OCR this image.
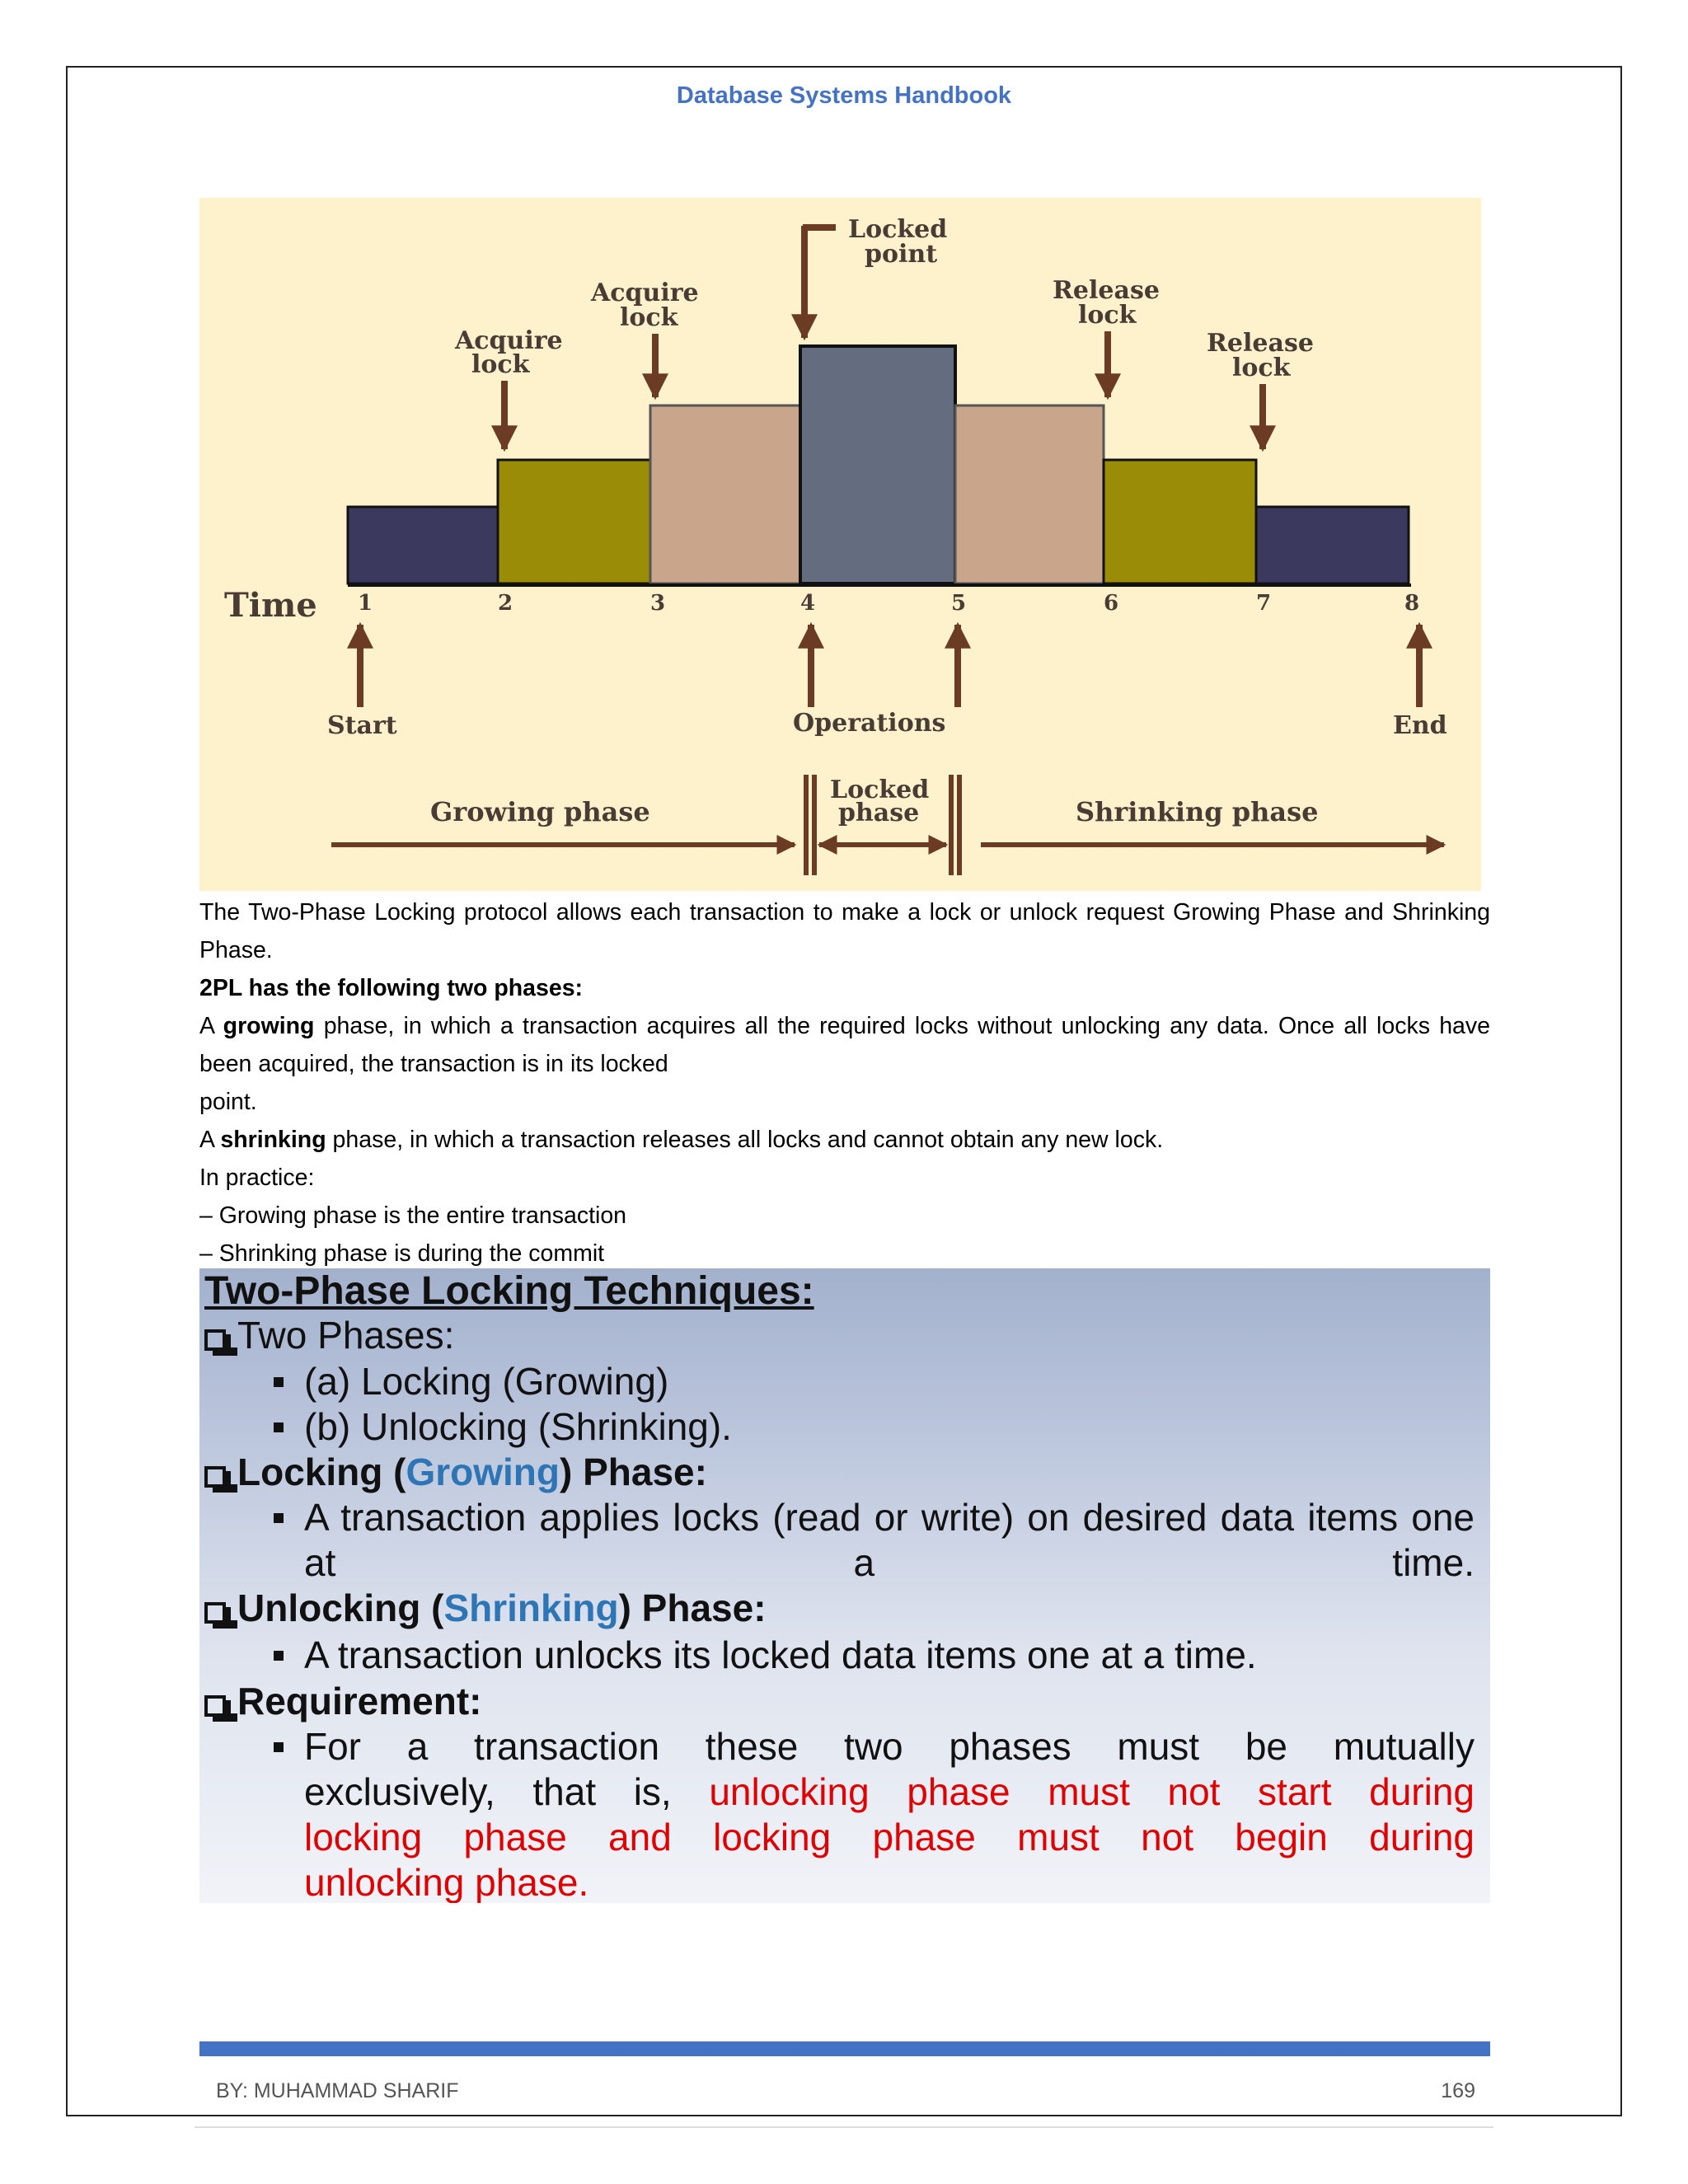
Database Systems Handbook
Time 1	2	3	4	5	6	7	8
Acquire
lock
Acquire
lock
Locked
point
Release
lock
Release
lock
Start	Operations	End
Growing phase
Locked
phase	Shrinking phase

The Two-Phase Locking protocol allows each transaction to make a lock or unlock request Growing Phase and Shrinking Phase.

2PL has the following two phases:

A growing phase, in which a transaction acquires all the required locks without unlocking any data. Once all locks have been acquired, the transaction is in its locked

point.

A shrinking phase, in which a transaction releases all locks and cannot obtain any new lock.

In practice:

– Growing phase is the entire transaction

– Shrinking phase is during the commit

Two-Phase Locking Techniques:
Two Phases:
(a) Locking (Growing)
(b) Unlocking (Shrinking).
Locking (Growing) Phase:
A transaction applies locks (read or write) on desired data items one at a time.
Unlocking (Shrinking) Phase:
A transaction unlocks its locked data items one at a time.
Requirement:
For a transaction these two phases must be mutually
exclusively, that is, unlocking phase must not start during
locking phase and locking phase must not begin during
unlocking phase.
BY: MUHAMMAD SHARIF	169
